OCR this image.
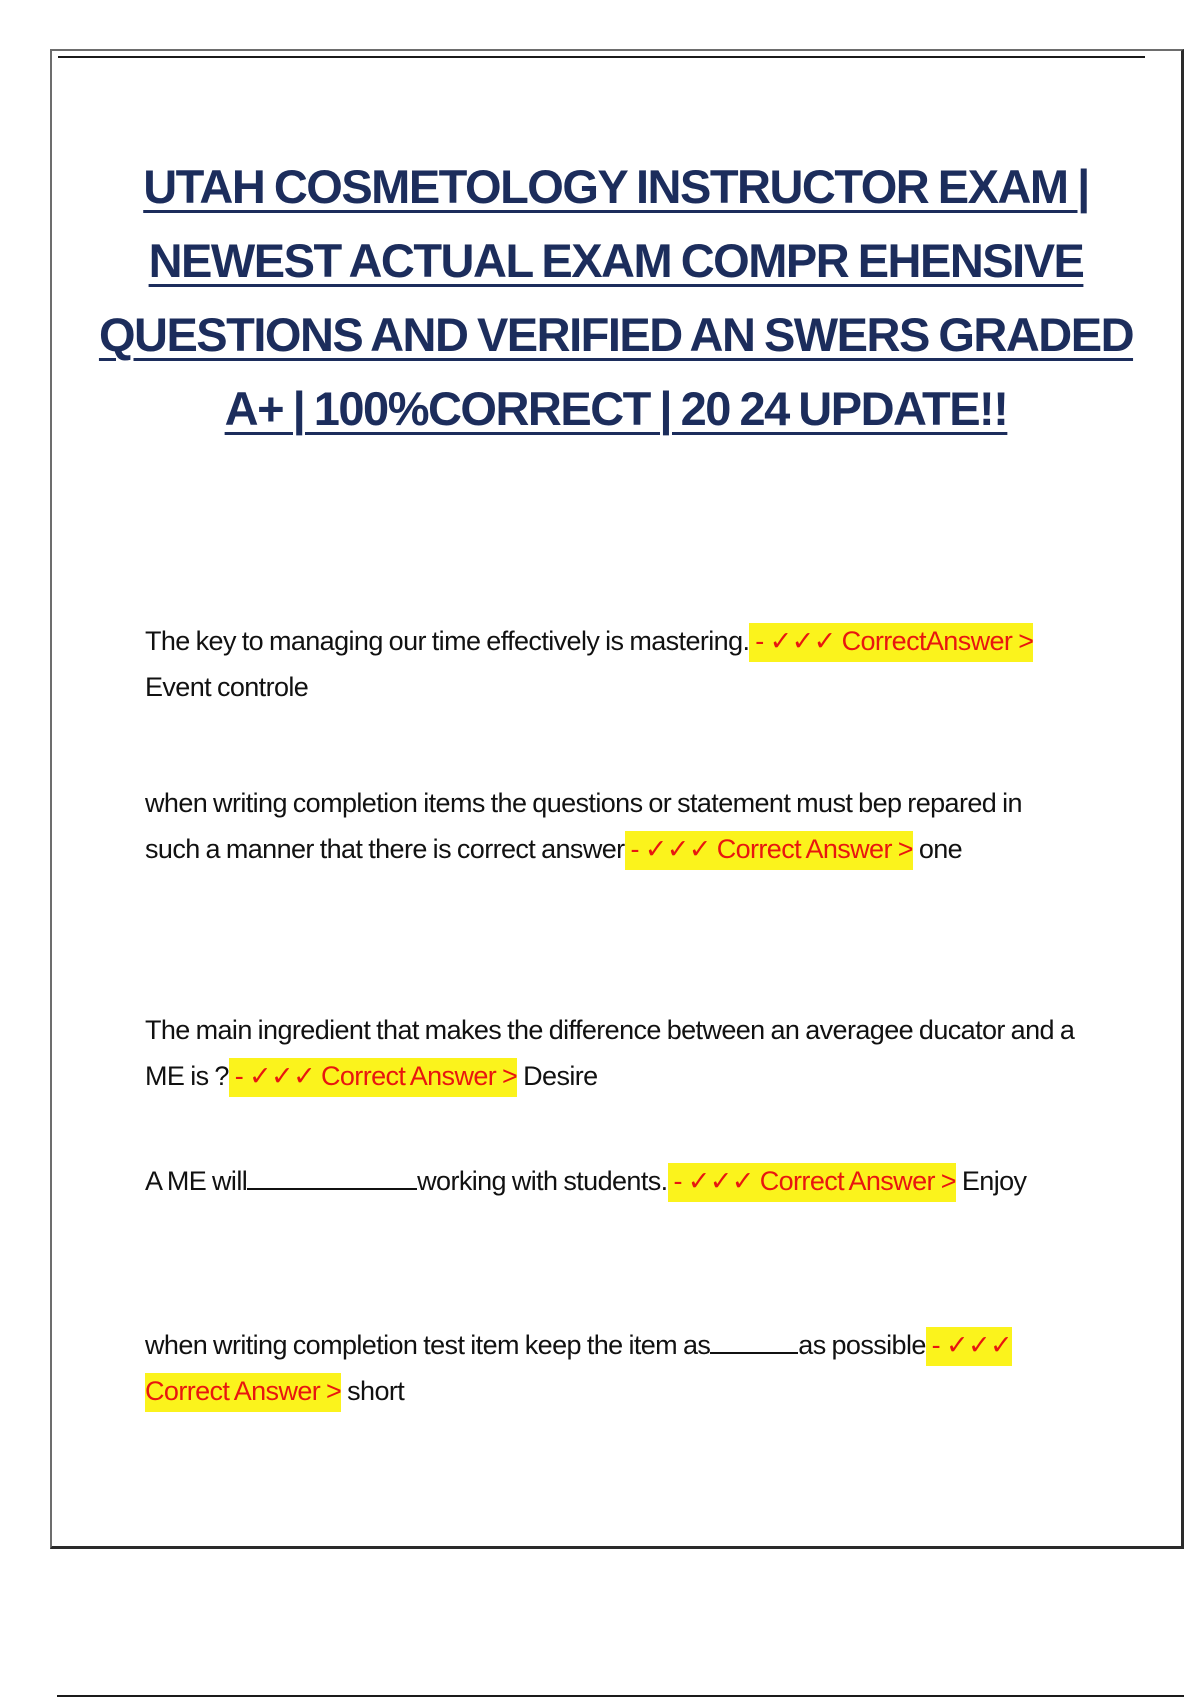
UTAH COSMETOLOGY INSTRUCTOR EXAM | NEWEST ACTUAL EXAM COMPR EHENSIVE QUESTIONS AND VERIFIED AN SWERS GRADED A+ | 100%CORRECT | 20 24 UPDATE!!

The key to managing our time effectively is mastering. - ✓✓✓ CorrectAnswer > Event controle

when writing completion items the questions or statement must bep repared in such a manner that there is correct answer - ✓✓✓ Correct Answer > one

The main ingredient that makes the difference between an averagee ducator and a ME is ? - ✓✓✓ Correct Answer > Desire

A ME will	working with students. - ✓✓✓ Correct Answer > Enjoy

when writing completion test item keep the item as	as possible - ✓✓✓ Correct Answer > short
